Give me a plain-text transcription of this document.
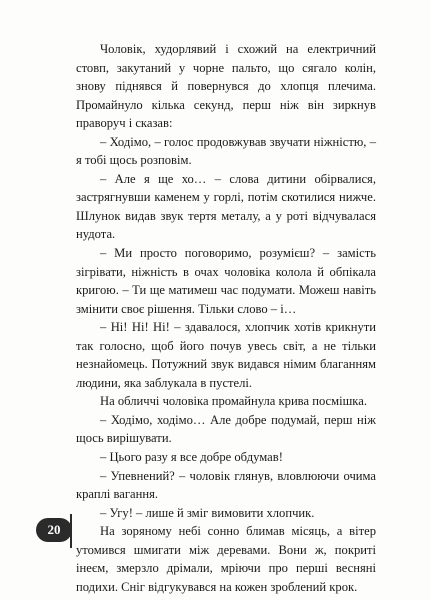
Чоловік, худорлявий і схожий на електричний стовп, закутаний у чорне пальто, що сягало колін, знову піднявся й повернувся до хлопця плечима. Промайнуло кілька секунд, перш ніж він зиркнув праворуч і сказав:

– Ходімо, – голос продовжував звучати ніжністю, – я тобі щось розповім.

– Але я ще хо… – слова дитини обірвалися, застрягнувши каменем у горлі, потім скотилися нижче. Шлунок видав звук тертя металу, а у роті відчувалася нудота.

– Ми просто поговоримо, розумієш? – замість зігрівати, ніжність в очах чоловіка колола й обпікала кригою. – Ти ще матимеш час подумати. Можеш навіть змінити своє рішення. Тільки слово – і…

– Ні! Ні! Ні! – здавалося, хлопчик хотів крикнути так голосно, щоб його почув увесь світ, а не тільки незнайомець. Потужний звук видався німим благанням людини, яка заблукала в пустелі.

На обличчі чоловіка промайнула крива посмішка.

– Ходімо, ходімо… Але добре подумай, перш ніж щось вирішувати.

– Цього разу я все добре обдумав!

– Упевнений? – чоловік глянув, вловлюючи очима краплі вагання.

– Угу! – лише й зміг вимовити хлопчик.

На зоряному небі сонно блимав місяць, а вітер утомився шмигати між деревами. Вони ж, покриті інеєм, змерзло дрімали, мріючи про перші весняні подихи. Сніг відгукувався на кожен зроблений крок.

20
